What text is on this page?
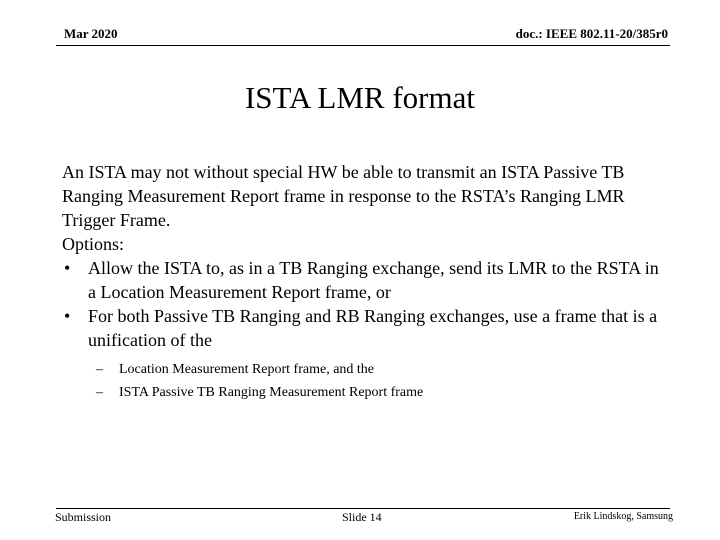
Mar 2020	doc.: IEEE 802.11-20/385r0
ISTA LMR format

An ISTA may not without special HW be able to transmit an ISTA Passive TB Ranging Measurement Report frame in response to the RSTA’s Ranging LMR Trigger Frame.

Options:

• Allow the ISTA to, as in a TB Ranging exchange, send its LMR to the RSTA in a Location Measurement Report frame, or

• For both Passive TB Ranging and RB Ranging exchanges, use a frame that is a unification of the

– Location Measurement Report frame, and the

– ISTA Passive TB Ranging Measurement Report frame

Submission	Slide 14	Erik Lindskog, Samsung
